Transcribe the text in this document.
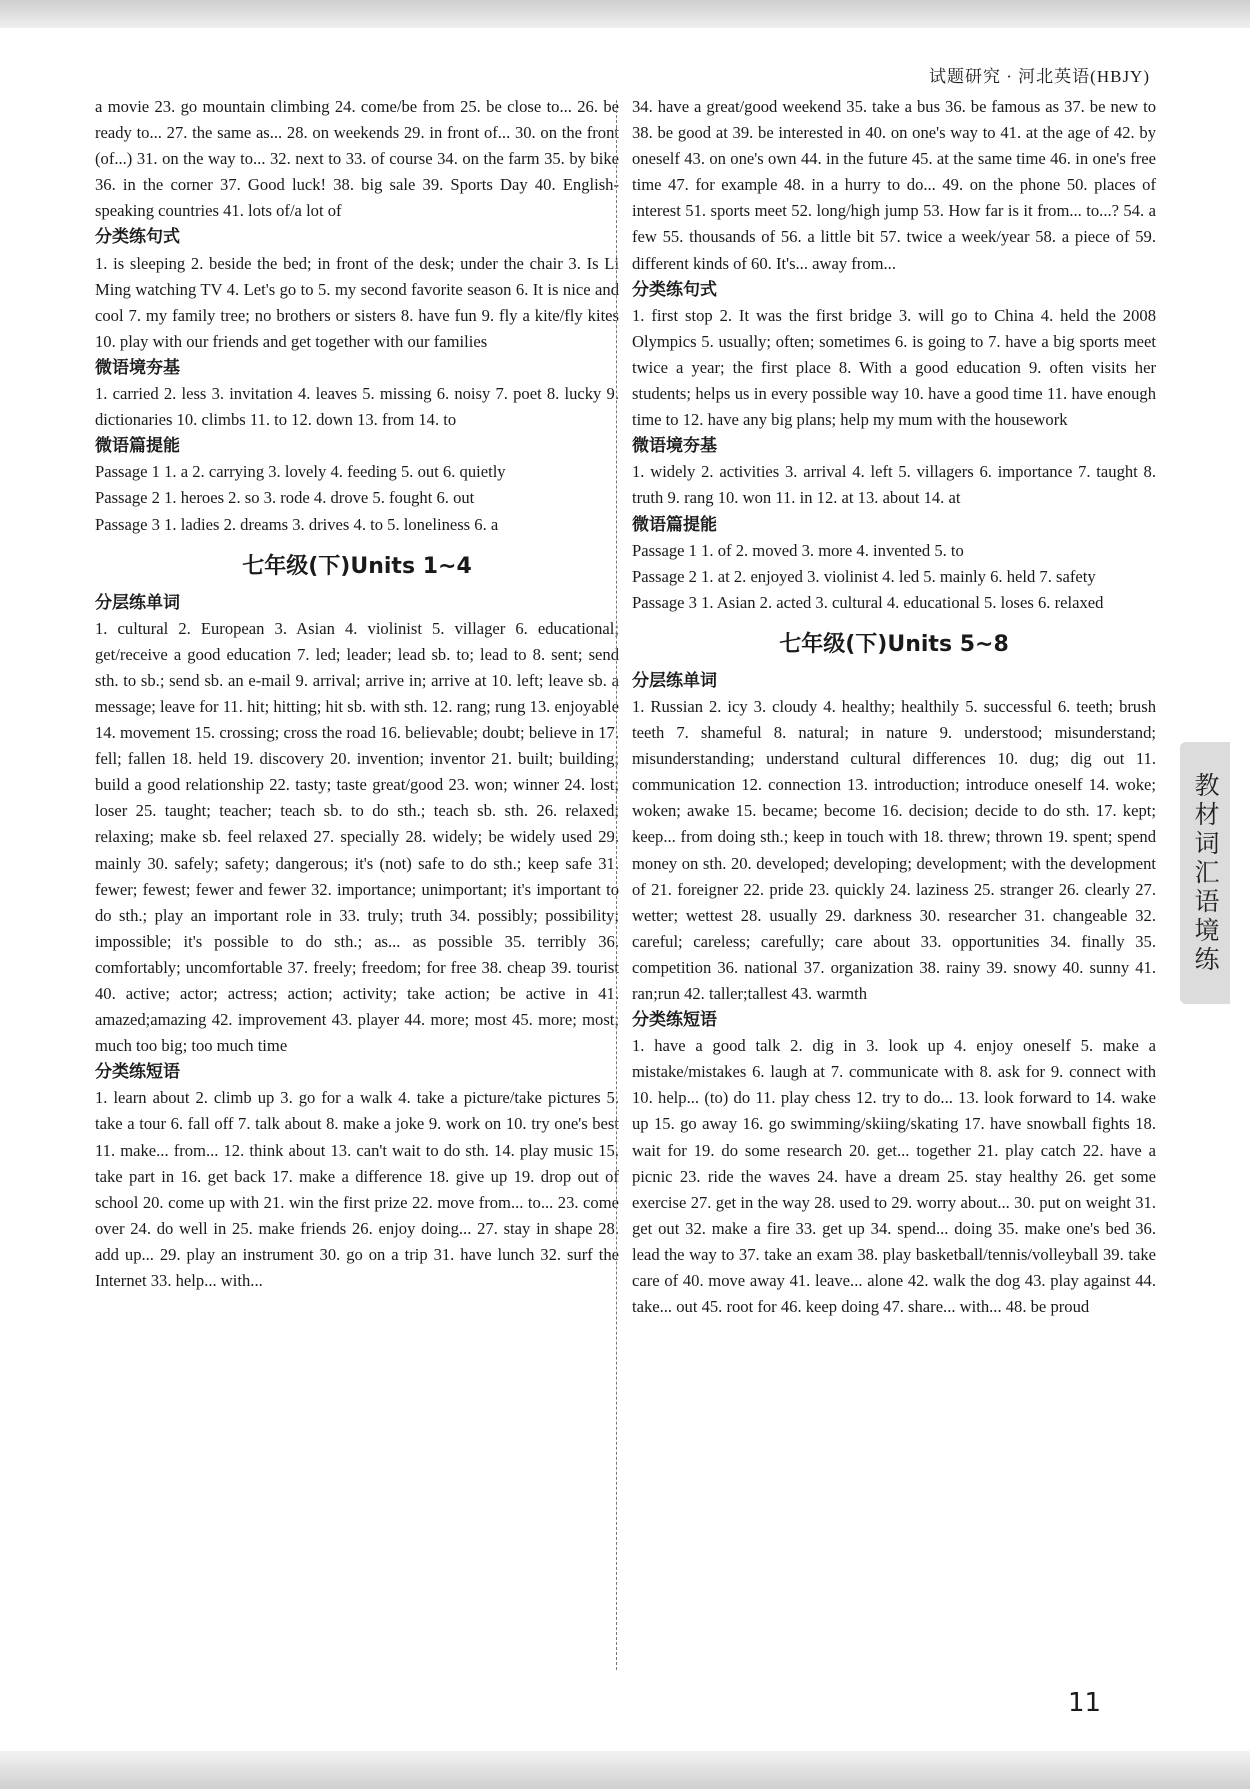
试题研究 · 河北英语(HBJY)

a movie 23. go mountain climbing 24. come/be from 25. be close to... 26. be ready to... 27. the same as... 28. on weekends 29. in front of... 30. on the front (of...) 31. on the way to... 32. next to 33. of course 34. on the farm 35. by bike 36. in the corner 37. Good luck! 38. big sale 39. Sports Day 40. English-speaking countries 41. lots of/a lot of

分类练句式

1. is sleeping 2. beside the bed; in front of the desk; under the chair 3. Is Li Ming watching TV 4. Let's go to 5. my second favorite season 6. It is nice and cool 7. my family tree; no brothers or sisters 8. have fun 9. fly a kite/fly kites 10. play with our friends and get together with our families

微语境夯基

1. carried 2. less 3. invitation 4. leaves 5. missing 6. noisy 7. poet 8. lucky 9. dictionaries 10. climbs 11. to 12. down 13. from 14. to

微语篇提能

Passage 1 1. a 2. carrying 3. lovely 4. feeding 5. out 6. quietly

Passage 2 1. heroes 2. so 3. rode 4. drove 5. fought 6. out

Passage 3 1. ladies 2. dreams 3. drives 4. to 5. loneliness 6. a

七年级(下)Units 1~4
分层练单词

1. cultural 2. European 3. Asian 4. violinist 5. villager 6. educational; get/receive a good education 7. led; leader; lead sb. to; lead to 8. sent; send sth. to sb.; send sb. an e-mail 9. arrival; arrive in; arrive at 10. left; leave sb. a message; leave for 11. hit; hitting; hit sb. with sth. 12. rang; rung 13. enjoyable 14. movement 15. crossing; cross the road 16. believable; doubt; believe in 17. fell; fallen 18. held 19. discovery 20. invention; inventor 21. built; building; build a good relationship 22. tasty; taste great/good 23. won; winner 24. lost; loser 25. taught; teacher; teach sb. to do sth.; teach sb. sth. 26. relaxed; relaxing; make sb. feel relaxed 27. specially 28. widely; be widely used 29. mainly 30. safely; safety; dangerous; it's (not) safe to do sth.; keep safe 31. fewer; fewest; fewer and fewer 32. importance; unimportant; it's important to do sth.; play an important role in 33. truly; truth 34. possibly; possibility; impossible; it's possible to do sth.; as... as possible 35. terribly 36. comfortably; uncomfortable 37. freely; freedom; for free 38. cheap 39. tourist 40. active; actor; actress; action; activity; take action; be active in 41. amazed;amazing 42. improvement 43. player 44. more; most 45. more; most; much too big; too much time

分类练短语

1. learn about 2. climb up 3. go for a walk 4. take a picture/take pictures 5. take a tour 6. fall off 7. talk about 8. make a joke 9. work on 10. try one's best 11. make... from... 12. think about 13. can't wait to do sth. 14. play music 15. take part in 16. get back 17. make a difference 18. give up 19. drop out of school 20. come up with 21. win the first prize 22. move from... to... 23. come over 24. do well in 25. make friends 26. enjoy doing... 27. stay in shape 28. add up... 29. play an instrument 30. go on a trip 31. have lunch 32. surf the Internet 33. help... with...

34. have a great/good weekend 35. take a bus 36. be famous as 37. be new to 38. be good at 39. be interested in 40. on one's way to 41. at the age of 42. by oneself 43. on one's own 44. in the future 45. at the same time 46. in one's free time 47. for example 48. in a hurry to do... 49. on the phone 50. places of interest 51. sports meet 52. long/high jump 53. How far is it from... to...? 54. a few 55. thousands of 56. a little bit 57. twice a week/year 58. a piece of 59. different kinds of 60. It's... away from...

分类练句式

1. first stop 2. It was the first bridge 3. will go to China 4. held the 2008 Olympics 5. usually; often; sometimes 6. is going to 7. have a big sports meet twice a year; the first place 8. With a good education 9. often visits her students; helps us in every possible way 10. have a good time 11. have enough time to 12. have any big plans; help my mum with the housework

微语境夯基

1. widely 2. activities 3. arrival 4. left 5. villagers 6. importance 7. taught 8. truth 9. rang 10. won 11. in 12. at 13. about 14. at

微语篇提能

Passage 1 1. of 2. moved 3. more 4. invented 5. to

Passage 2 1. at 2. enjoyed 3. violinist 4. led 5. mainly 6. held 7. safety

Passage 3 1. Asian 2. acted 3. cultural 4. educational 5. loses 6. relaxed

七年级(下)Units 5~8
分层练单词

1. Russian 2. icy 3. cloudy 4. healthy; healthily 5. successful 6. teeth; brush teeth 7. shameful 8. natural; in nature 9. understood; misunderstand; misunderstanding; understand cultural differences 10. dug; dig out 11. communication 12. connection 13. introduction; introduce oneself 14. woke; woken; awake 15. became; become 16. decision; decide to do sth. 17. kept; keep... from doing sth.; keep in touch with 18. threw; thrown 19. spent; spend money on sth. 20. developed; developing; development; with the development of 21. foreigner 22. pride 23. quickly 24. laziness 25. stranger 26. clearly 27. wetter; wettest 28. usually 29. darkness 30. researcher 31. changeable 32. careful; careless; carefully; care about 33. opportunities 34. finally 35. competition 36. national 37. organization 38. rainy 39. snowy 40. sunny 41. ran;run 42. taller;tallest 43. warmth

分类练短语

1. have a good talk 2. dig in 3. look up 4. enjoy oneself 5. make a mistake/mistakes 6. laugh at 7. communicate with 8. ask for 9. connect with 10. help... (to) do 11. play chess 12. try to do... 13. look forward to 14. wake up 15. go away 16. go swimming/skiing/skating 17. have snowball fights 18. wait for 19. do some research 20. get... together 21. play catch 22. have a picnic 23. ride the waves 24. have a dream 25. stay healthy 26. get some exercise 27. get in the way 28. used to 29. worry about... 30. put on weight 31. get out 32. make a fire 33. get up 34. spend... doing 35. make one's bed 36. lead the way to 37. take an exam 38. play basketball/tennis/volleyball 39. take care of 40. move away 41. leave... alone 42. walk the dog 43. play against 44. take... out 45. root for 46. keep doing 47. share... with... 48. be proud

教材词汇语境练
11
